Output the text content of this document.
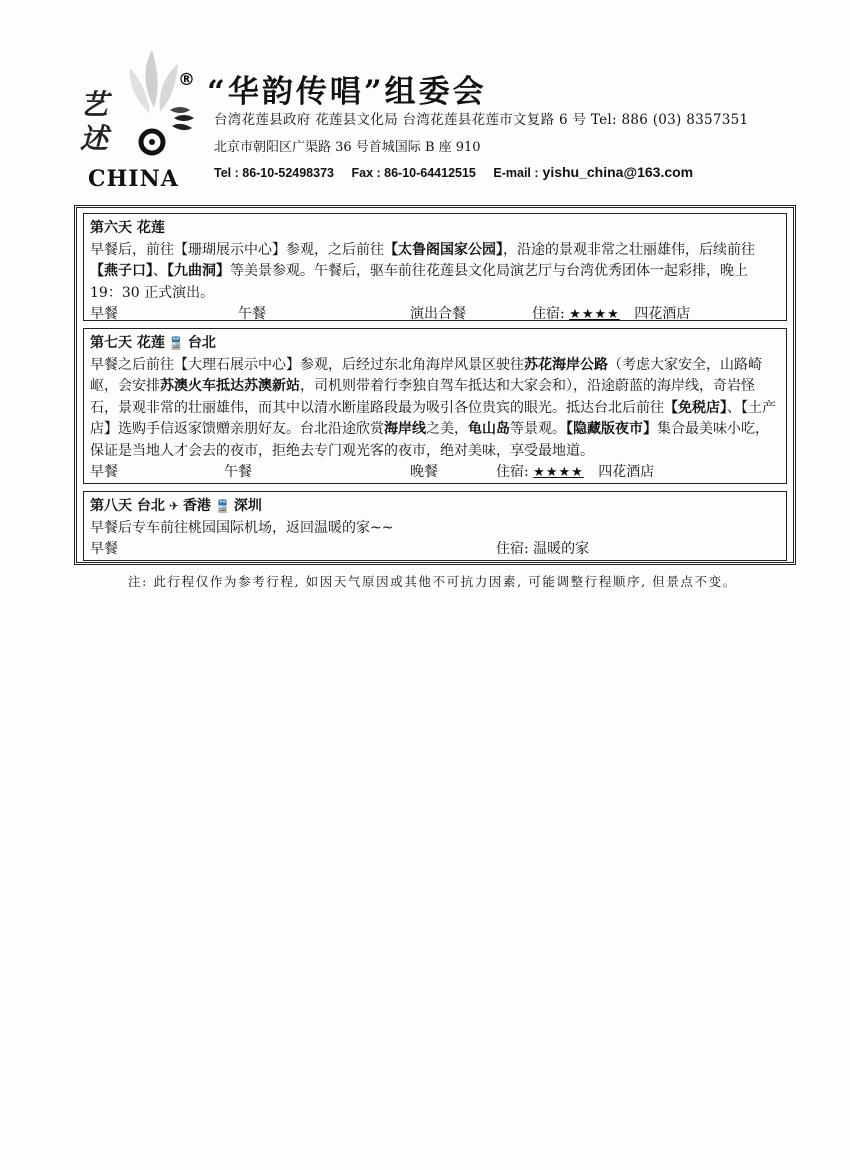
艺
述
CHINA
® “华韵传唱”组委会
台湾花莲县政府 花莲县文化局 台湾花莲县花莲市文复路 6 号 Tel: 886 (03) 8357351
北京市朝阳区广渠路 36 号首城国际 B 座 910
Tel : 86-10-52498373 Fax : 86-10-64412515 E-mail : yishu_china@163.com
第六天 花莲
早餐后，前往【珊瑚展示中心】参观，之后前往【太鲁阁国家公园】，沿途的景观非常之壮丽雄伟，后续前往【燕子口】、【九曲洞】等美景参观。午餐后，驱车前往花莲县文化局演艺厅与台湾优秀团体一起彩排，晚上 19：30 正式演出。
早餐	午餐	演出合餐	住宿: ★★★★ 四花酒店
第七天 花莲 🚆 台北
早餐之后前往【大理石展示中心】参观，后经过东北角海岸风景区驶往苏花海岸公路（考虑大家安全，山路崎岖，会安排苏澳火车抵达苏澳新站，司机则带着行李独自驾车抵达和大家会和），沿途蔚蓝的海岸线，奇岩怪石，景观非常的壮丽雄伟，而其中以清水断崖路段最为吸引各位贵宾的眼光。抵达台北后前往【免税店】、【土产店】选购手信返家馈赠亲朋好友。台北沿途欣赏海岸线之美，龟山岛等景观。【隐藏版夜市】集合最美味小吃，保证是当地人才会去的夜市，拒绝去专门观光客的夜市，绝对美味，享受最地道。
早餐	午餐	晚餐	住宿: ★★★★ 四花酒店
第八天 台北 ✈ 香港 🚆 深圳
早餐后专车前往桃园国际机场，返回温暖的家~~
早餐	住宿: 温暖的家
注: 此行程仅作为参考行程, 如因天气原因或其他不可抗力因素, 可能调整行程顺序, 但景点不变。
